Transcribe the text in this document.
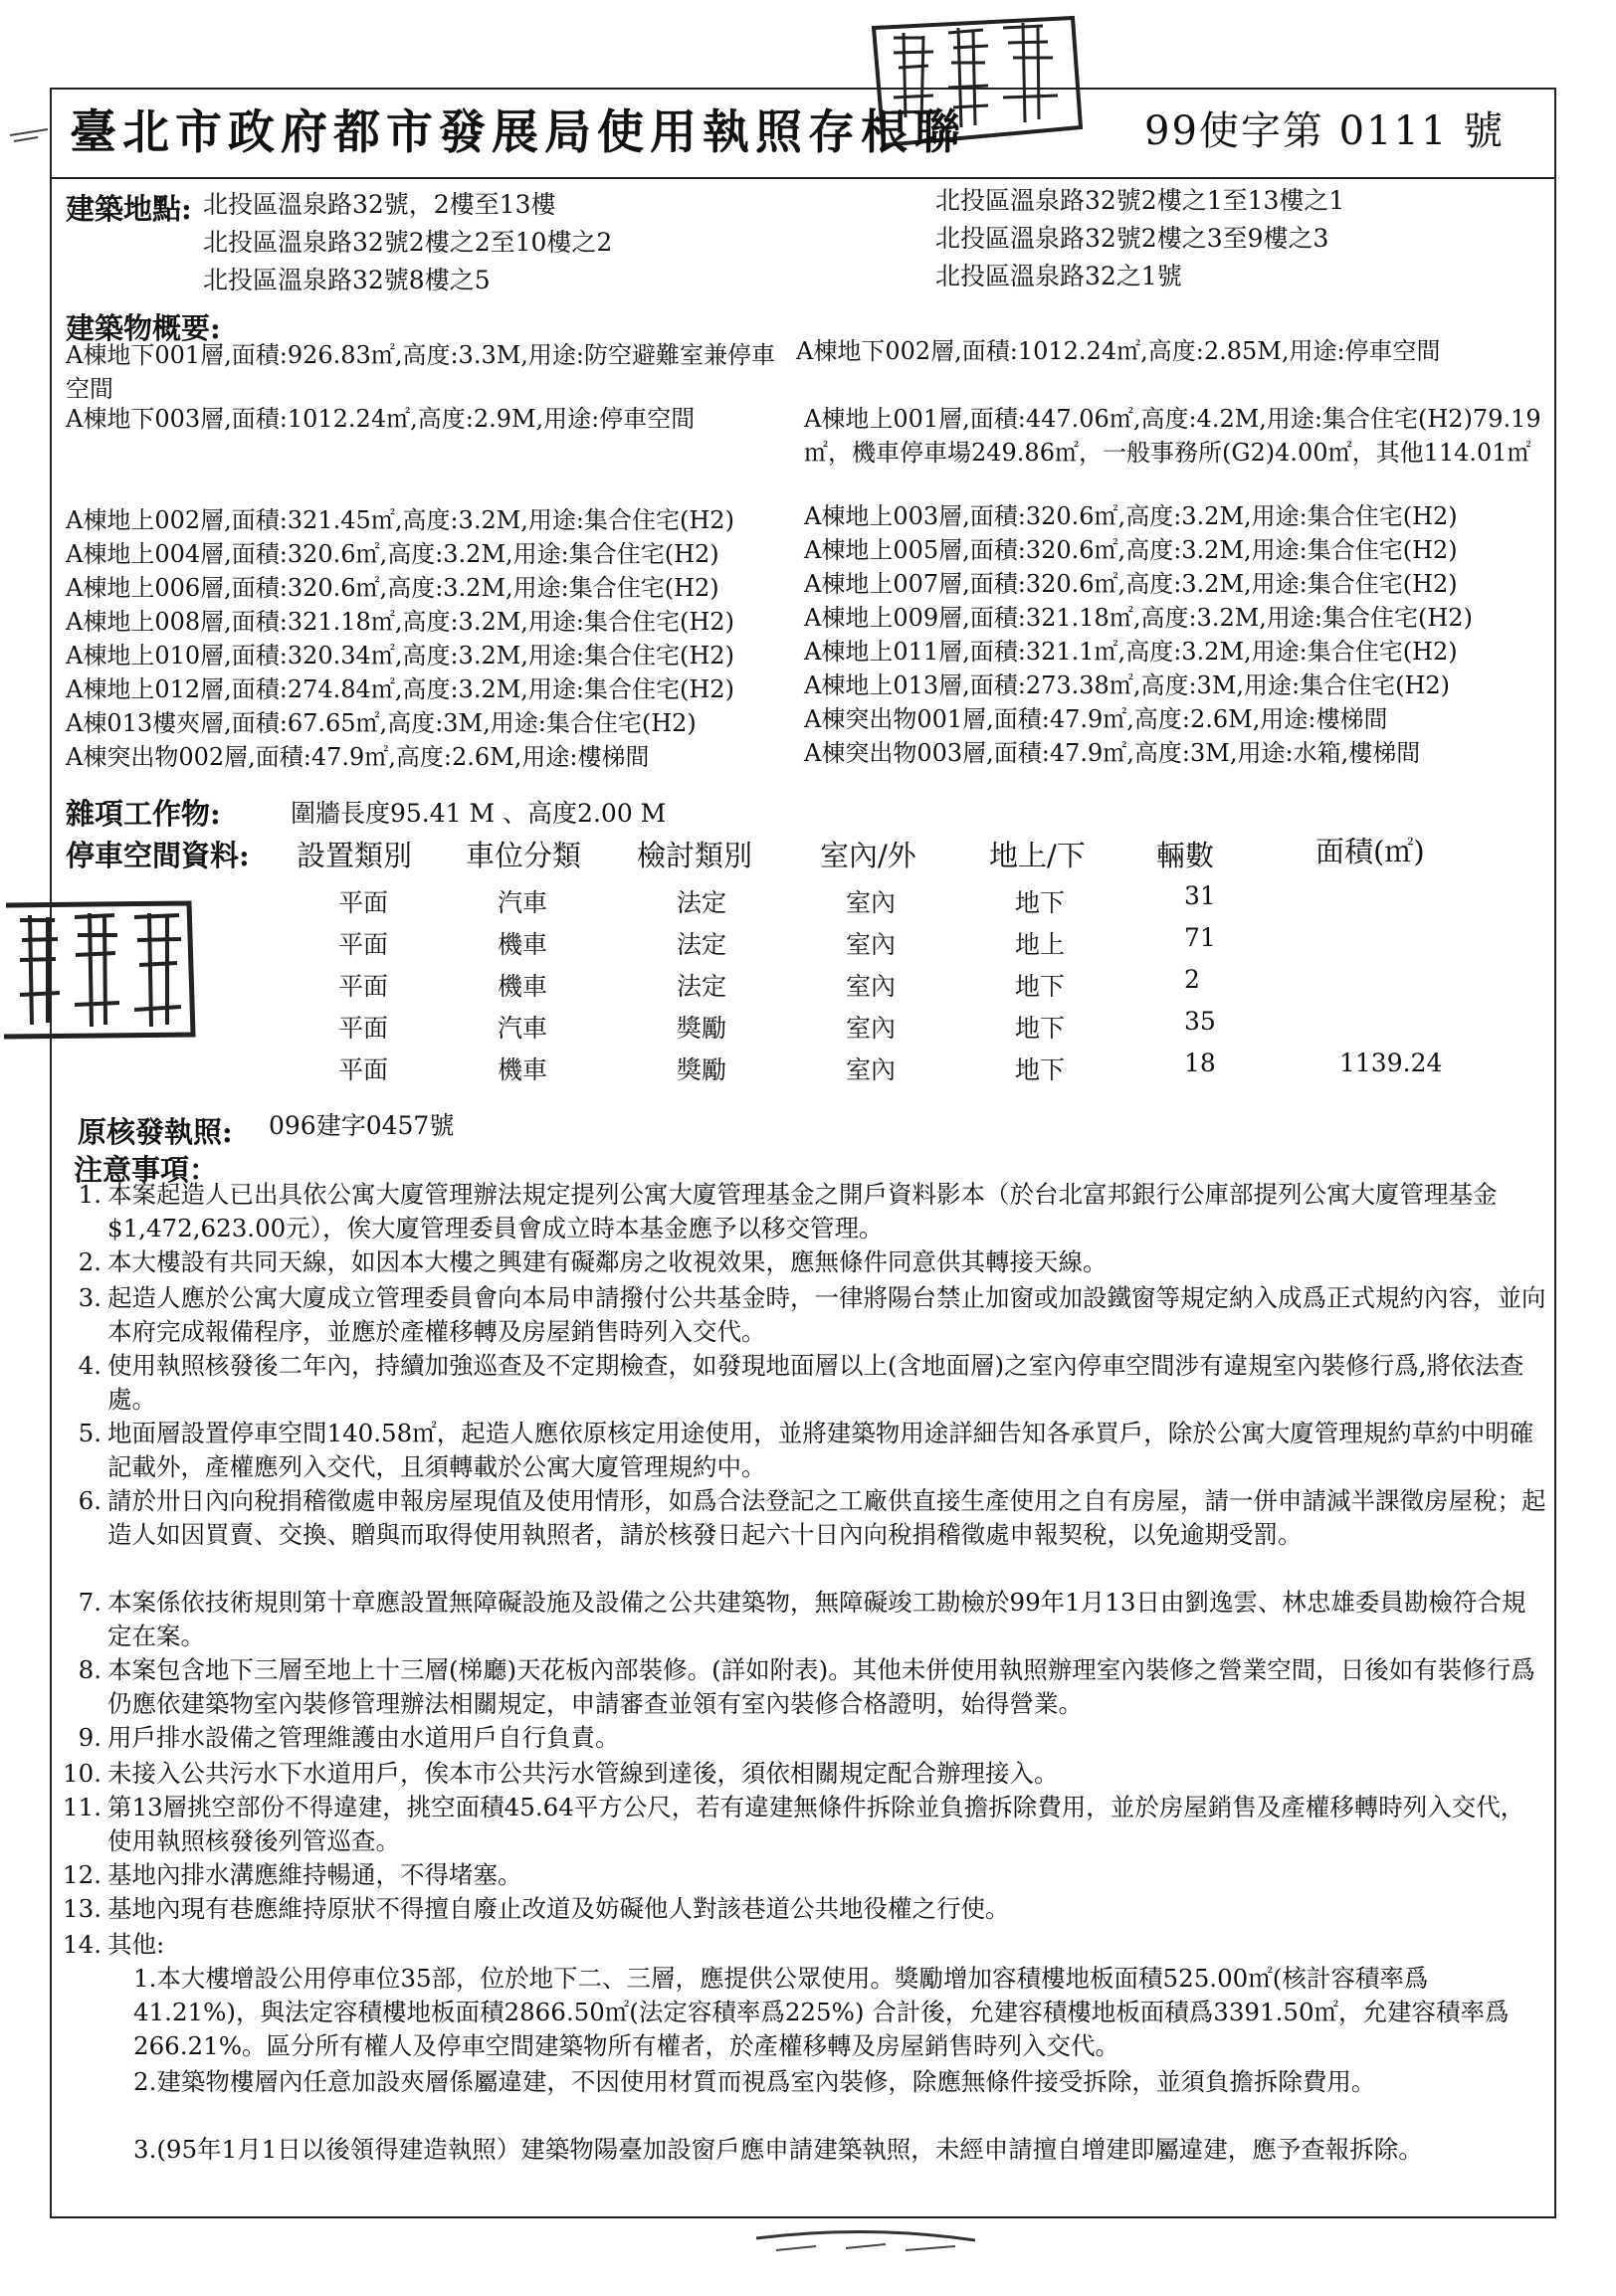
臺北市政府都市發展局使用執照存根聯	99使字第 0111 號
建築地點: 北投區溫泉路32號，2樓至13樓
北投區溫泉路32號2樓之2至10樓之2
北投區溫泉路32號8樓之5
北投區溫泉路32號2樓之1至13樓之1
北投區溫泉路32號2樓之3至9樓之3
北投區溫泉路32之1號
建築物概要:
A棟地下001層,面積:926.83㎡,高度:3.3M,用途:防空避難室兼停車空間
A棟地下002層,面積:1012.24㎡,高度:2.85M,用途:停車空間
A棟地下003層,面積:1012.24㎡,高度:2.9M,用途:停車空間	A棟地上001層,面積:447.06㎡,高度:4.2M,用途:集合住宅(H2)79.19㎡，機車停車場249.86㎡，一般事務所(G2)4.00㎡，其他114.01㎡
A棟地上002層,面積:321.45㎡,高度:3.2M,用途:集合住宅(H2)	A棟地上003層,面積:320.6㎡,高度:3.2M,用途:集合住宅(H2)
A棟地上004層,面積:320.6㎡,高度:3.2M,用途:集合住宅(H2)	A棟地上005層,面積:320.6㎡,高度:3.2M,用途:集合住宅(H2)
A棟地上006層,面積:320.6㎡,高度:3.2M,用途:集合住宅(H2)	A棟地上007層,面積:320.6㎡,高度:3.2M,用途:集合住宅(H2)
A棟地上008層,面積:321.18㎡,高度:3.2M,用途:集合住宅(H2)	A棟地上009層,面積:321.18㎡,高度:3.2M,用途:集合住宅(H2)
A棟地上010層,面積:320.34㎡,高度:3.2M,用途:集合住宅(H2)	A棟地上011層,面積:321.1㎡,高度:3.2M,用途:集合住宅(H2)
A棟地上012層,面積:274.84㎡,高度:3.2M,用途:集合住宅(H2)	A棟地上013層,面積:273.38㎡,高度:3M,用途:集合住宅(H2)
A棟013樓夾層,面積:67.65㎡,高度:3M,用途:集合住宅(H2)	A棟突出物001層,面積:47.9㎡,高度:2.6M,用途:樓梯間
A棟突出物002層,面積:47.9㎡,高度:2.6M,用途:樓梯間	A棟突出物003層,面積:47.9㎡,高度:3M,用途:水箱,樓梯間
雜項工作物:	圍牆長度95.41 M 、高度2.00 M
停車空間資料: 設置類別 車位分類 檢討類別 室內/外	地上/下 輛數	面積(㎡)
平面	汽車	法定	室內	地下	31
平面	機車	法定	室內	地上	71
平面	機車	法定	室內	地下	2
平面	汽車	獎勵	室內	地下	35
平面	機車	獎勵	室內	地下	18	1139.24
原核發執照: 096建字0457號
注意事項：
1. 本案起造人已出具依公寓大廈管理辦法規定提列公寓大廈管理基金之開戶資料影本（於台北富邦銀行公庫部提列公寓大廈管理基金$1,472,623.00元），俟大廈管理委員會成立時本基金應予以移交管理。
2. 本大樓設有共同天線，如因本大樓之興建有礙鄰房之收視效果，應無條件同意供其轉接天線。
3. 起造人應於公寓大廈成立管理委員會向本局申請撥付公共基金時，一律將陽台禁止加窗或加設鐵窗等規定納入成爲正式規約內容，並向本府完成報備程序，並應於產權移轉及房屋銷售時列入交代。
4. 使用執照核發後二年內，持續加強巡查及不定期檢查，如發現地面層以上(含地面層)之室內停車空間涉有違規室內裝修行爲,將依法查處。
5. 地面層設置停車空間140.58㎡，起造人應依原核定用途使用，並將建築物用途詳細告知各承買戶，除於公寓大廈管理規約草約中明確記載外，產權應列入交代，且須轉載於公寓大廈管理規約中。
6. 請於卅日內向稅捐稽徵處申報房屋現值及使用情形，如爲合法登記之工廠供直接生產使用之自有房屋，請一併申請減半課徵房屋稅；起造人如因買賣、交換、贈與而取得使用執照者，請於核發日起六十日內向稅捐稽徵處申報契稅，以免逾期受罰。
7. 本案係依技術規則第十章應設置無障礙設施及設備之公共建築物，無障礙竣工勘檢於99年1月13日由劉逸雲、林忠雄委員勘檢符合規定在案。
8. 本案包含地下三層至地上十三層(梯廳)天花板內部裝修。(詳如附表)。其他未併使用執照辦理室內裝修之營業空間，日後如有裝修行爲仍應依建築物室內裝修管理辦法相關規定，申請審查並領有室內裝修合格證明，始得營業。
9. 用戶排水設備之管理維護由水道用戶自行負責。
10. 未接入公共污水下水道用戶，俟本市公共污水管線到達後，須依相關規定配合辦理接入。
11. 第13層挑空部份不得違建，挑空面積45.64平方公尺，若有違建無條件拆除並負擔拆除費用，並於房屋銷售及產權移轉時列入交代，使用執照核發後列管巡查。
12. 基地內排水溝應維持暢通，不得堵塞。
13. 基地內現有巷應維持原狀不得擅自廢止改道及妨礙他人對該巷道公共地役權之行使。
14. 其他:
1.本大樓增設公用停車位35部，位於地下二、三層，應提供公眾使用。獎勵增加容積樓地板面積525.00㎡(核計容積率爲41.21%)，與法定容積樓地板面積2866.50㎡(法定容積率爲225%) 合計後，允建容積樓地板面積爲3391.50㎡，允建容積率爲266.21%。區分所有權人及停車空間建築物所有權者，於產權移轉及房屋銷售時列入交代。
2.建築物樓層內任意加設夾層係屬違建，不因使用材質而視爲室內裝修，除應無條件接受拆除，並須負擔拆除費用。
3.(95年1月1日以後領得建造執照）建築物陽臺加設窗戶應申請建築執照，未經申請擅自增建即屬違建，應予查報拆除。
